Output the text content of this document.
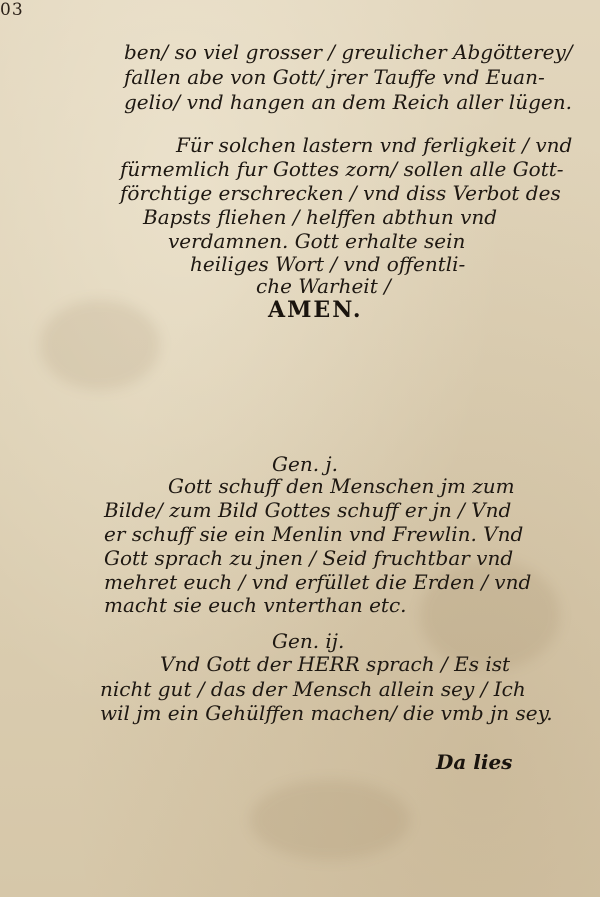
03
ben/ so viel grosser / greulicher Abgötterey/
fallen abe von Gott/ jrer Tauffe vnd Euan-
gelio/ vnd hangen an dem Reich aller lügen.
Für solchen lastern vnd ferligkeit / vnd
fürnemlich fur Gottes zorn/ sollen alle Gott-
förchtige erschrecken / vnd diss Verbot des
Bapsts fliehen / helffen abthun vnd
verdamnen. Gott erhalte sein
heiliges Wort / vnd offentli-
che Warheit /
AMEN.
Gen. j.
Gott schuff den Menschen jm zum
Bilde/ zum Bild Gottes schuff er jn / Vnd
er schuff sie ein Menlin vnd Frewlin. Vnd
Gott sprach zu jnen / Seid fruchtbar vnd
mehret euch / vnd erfüllet die Erden / vnd
macht sie euch vnterthan etc.
Gen. ij.
Vnd Gott der HERR sprach / Es ist
nicht gut / das der Mensch allein sey / Ich
wil jm ein Gehülffen machen/ die vmb jn sey.
Da lies
